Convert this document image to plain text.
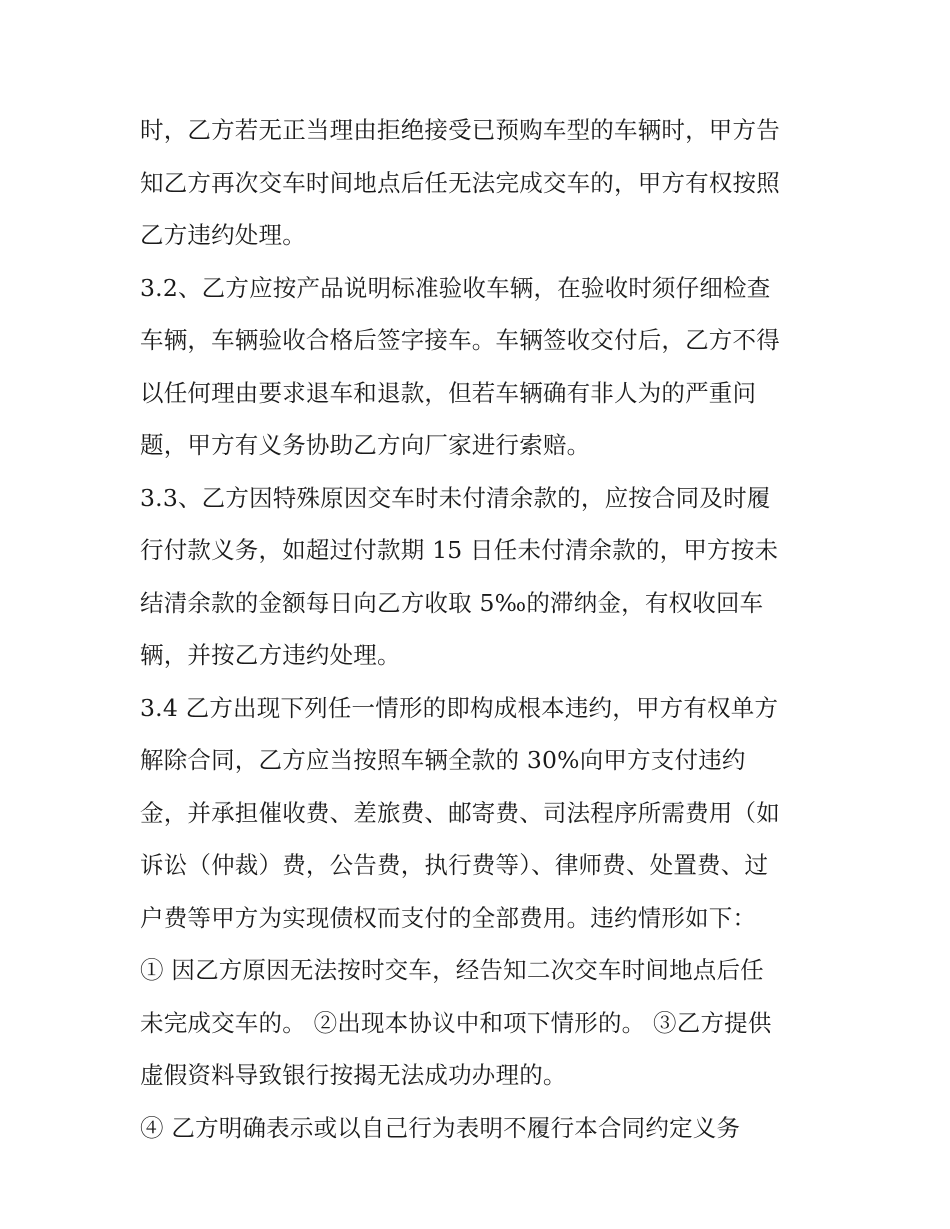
时，乙方若无正当理由拒绝接受已预购车型的车辆时，甲方告
知乙方再次交车时间地点后任无法完成交车的，甲方有权按照
乙方违约处理。
3.2、乙方应按产品说明标准验收车辆，在验收时须仔细检查
车辆，车辆验收合格后签字接车。车辆签收交付后，乙方不得
以任何理由要求退车和退款，但若车辆确有非人为的严重问
题，甲方有义务协助乙方向厂家进行索赔。
3.3、乙方因特殊原因交车时未付清余款的，应按合同及时履
行付款义务，如超过付款期 15 日任未付清余款的，甲方按未
结清余款的金额每日向乙方收取 5‰的滞纳金，有权收回车
辆，并按乙方违约处理。
3.4 乙方出现下列任一情形的即构成根本违约，甲方有权单方
解除合同，乙方应当按照车辆全款的 30%向甲方支付违约
金，并承担催收费、差旅费、邮寄费、司法程序所需费用（如
诉讼（仲裁）费，公告费，执行费等）、律师费、处置费、过
户费等甲方为实现债权而支付的全部费用。违约情形如下：
① 因乙方原因无法按时交车，经告知二次交车时间地点后任
未完成交车的。 ②出现本协议中和项下情形的。 ③乙方提供
虚假资料导致银行按揭无法成功办理的。
④ 乙方明确表示或以自己行为表明不履行本合同约定义务
